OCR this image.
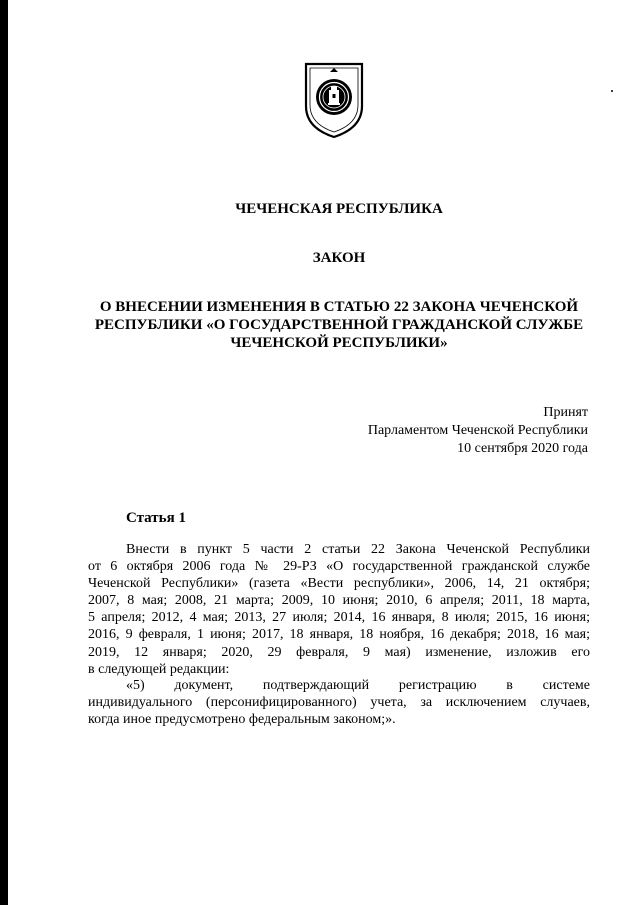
ЧЕЧЕНСКАЯ РЕСПУБЛИКА
ЗАКОН
О ВНЕСЕНИИ ИЗМЕНЕНИЯ В СТАТЬЮ 22 ЗАКОНА ЧЕЧЕНСКОЙ
РЕСПУБЛИКИ «О ГОСУДАРСТВЕННОЙ ГРАЖДАНСКОЙ СЛУЖБЕ
ЧЕЧЕНСКОЙ РЕСПУБЛИКИ»
Принят
Парламентом Чеченской Республики
10 сентября 2020 года
Статья 1
Внести в пункт 5 части 2 статьи 22 Закона Чеченской Республики
от 6 октября 2006 года № 29-РЗ «О государственной гражданской службе
Чеченской Республики» (газета «Вести республики», 2006, 14, 21 октября;
2007, 8 мая; 2008, 21 марта; 2009, 10 июня; 2010, 6 апреля; 2011, 18 марта,
5 апреля; 2012, 4 мая; 2013, 27 июля; 2014, 16 января, 8 июля; 2015, 16 июня;
2016, 9 февраля, 1 июня; 2017, 18 января, 18 ноября, 16 декабря; 2018, 16 мая;
2019, 12 января; 2020, 29 февраля, 9 мая) изменение, изложив его
в следующей редакции:
«5) документ, подтверждающий регистрацию в системе
индивидуального (персонифицированного) учета, за исключением случаев,
когда иное предусмотрено федеральным законом;».
